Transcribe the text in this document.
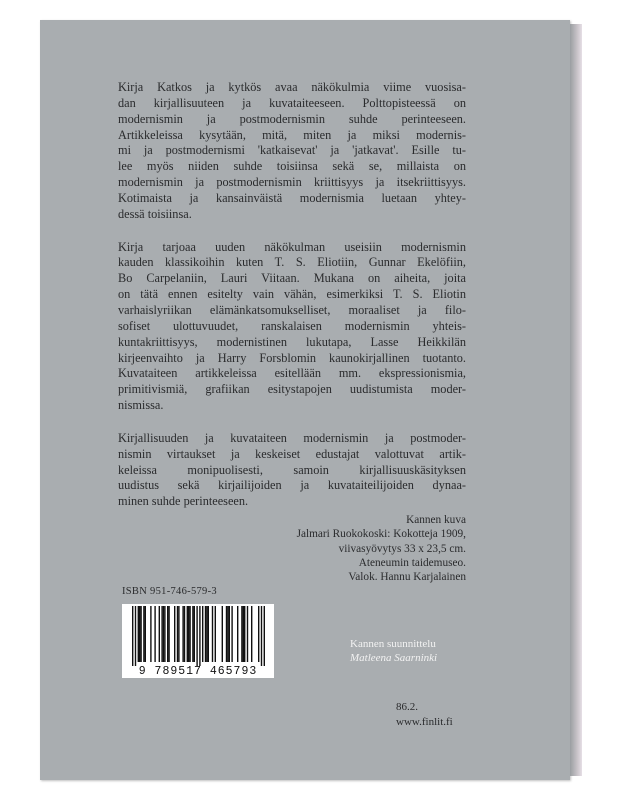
Kirja Katkos ja kytkös avaa näkökulmia viime vuosisa-
dan kirjallisuuteen ja kuvataiteeseen. Polttopisteessä on
modernismin ja postmodernismin suhde perinteeseen.
Artikkeleissa kysytään, mitä, miten ja miksi modernis-
mi ja postmodernismi 'katkaisevat' ja 'jatkavat'. Esille tu-
lee myös niiden suhde toisiinsa sekä se, millaista on
modernismin ja postmodernismin kriittisyys ja itsekriittisyys.
Kotimaista ja kansainväistä modernismia luetaan yhtey-
dessä toisiinsa.
Kirja tarjoaa uuden näkökulman useisiin modernismin
kauden klassikoihin kuten T. S. Eliotiin, Gunnar Ekelöfiin,
Bo Carpelaniin, Lauri Viitaan. Mukana on aiheita, joita
on tätä ennen esitelty vain vähän, esimerkiksi T. S. Eliotin
varhaislyriikan elämänkatsomukselliset, moraaliset ja filo-
sofiset ulottuvuudet, ranskalaisen modernismin yhteis-
kuntakriittisyys, modernistinen lukutapa, Lasse Heikkilän
kirjeenvaihto ja Harry Forsblomin kaunokirjallinen tuotanto.
Kuvataiteen artikkeleissa esitellään mm. ekspressionismia,
primitivismiä, grafiikan esitystapojen uudistumista moder-
nismissa.
Kirjallisuuden ja kuvataiteen modernismin ja postmoder-
nismin virtaukset ja keskeiset edustajat valottuvat artik-
keleissa monipuolisesti, samoin kirjallisuuskäsityksen
uudistus sekä kirjailijoiden ja kuvataiteilijoiden dynaa-
minen suhde perinteeseen.
Kannen kuva
Jalmari Ruokokoski: Kokotteja 1909,
viivasyövytys 33 x 23,5 cm.
Ateneumin taidemuseo.
Valok. Hannu Karjalainen
ISBN 951-746-579-3
9 789517 465793
Kannen suunnittelu
Matleena Saarninki
86.2.
www.finlit.fi
